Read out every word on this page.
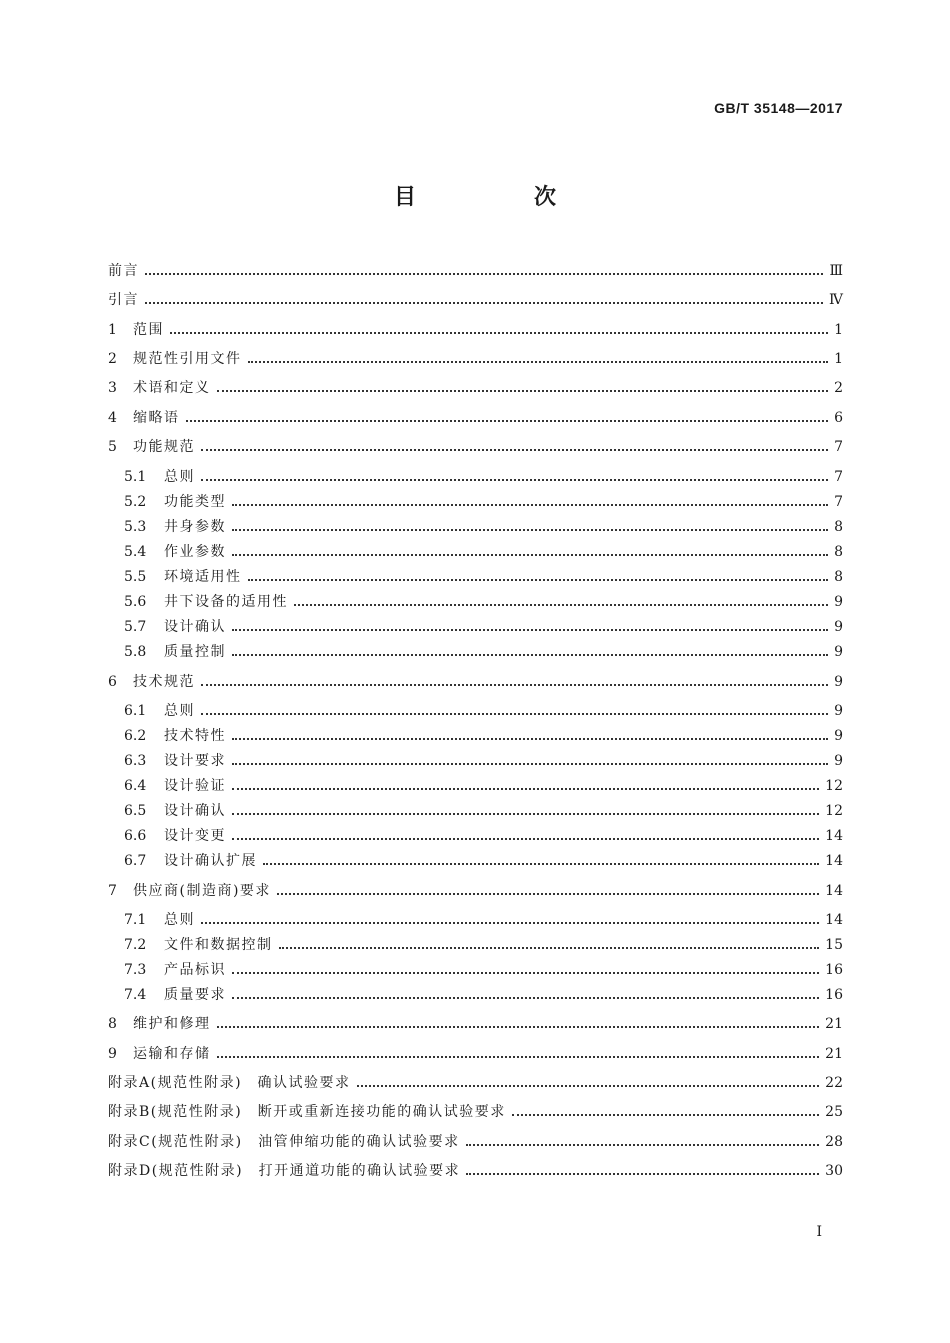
GB/T 35148—2017
目　次
前言	Ⅲ
引言	Ⅳ
1	范围	1
2	规范性引用文件	1
3	术语和定义	2
4	缩略语	6
5	功能规范	7
5.1	总则	7
5.2	功能类型	7
5.3	井身参数	8
5.4	作业参数	8
5.5	环境适用性	8
5.6	井下设备的适用性	9
5.7	设计确认	9
5.8	质量控制	9
6	技术规范	9
6.1	总则	9
6.2	技术特性	9
6.3	设计要求	9
6.4	设计验证	12
6.5	设计确认	12
6.6	设计变更	14
6.7	设计确认扩展	14
7	供应商(制造商)要求	14
7.1	总则	14
7.2	文件和数据控制	15
7.3	产品标识	16
7.4	质量要求	16
8	维护和修理	21
9	运输和存储	21
附录A(规范性附录)　确认试验要求	22
附录B(规范性附录)　断开或重新连接功能的确认试验要求	25
附录C(规范性附录)　油管伸缩功能的确认试验要求	28
附录D(规范性附录)　打开通道功能的确认试验要求	30
Ⅰ
